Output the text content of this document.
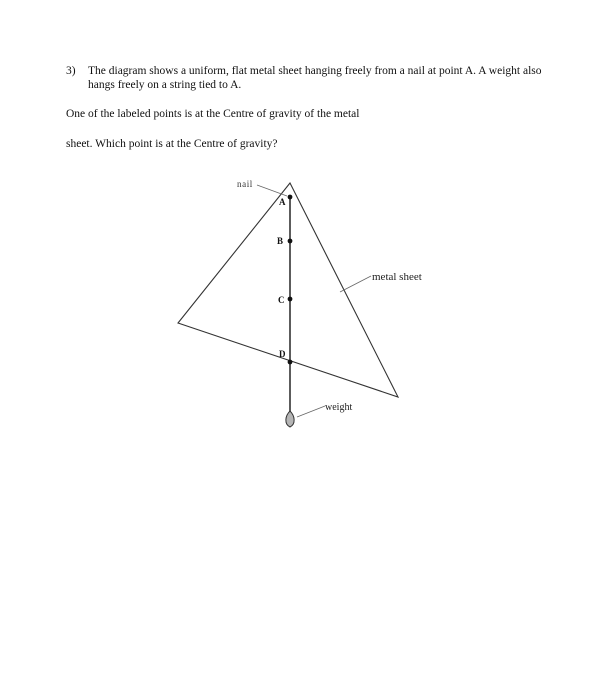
3) The diagram shows a uniform, flat metal sheet hanging freely from a nail at point A. A weight also hangs freely on a string tied to A.
One of the labeled points is at the Centre of gravity of the metal
sheet. Which point is at the Centre of gravity?
A
B
C
D
nail
metal sheet
weight
